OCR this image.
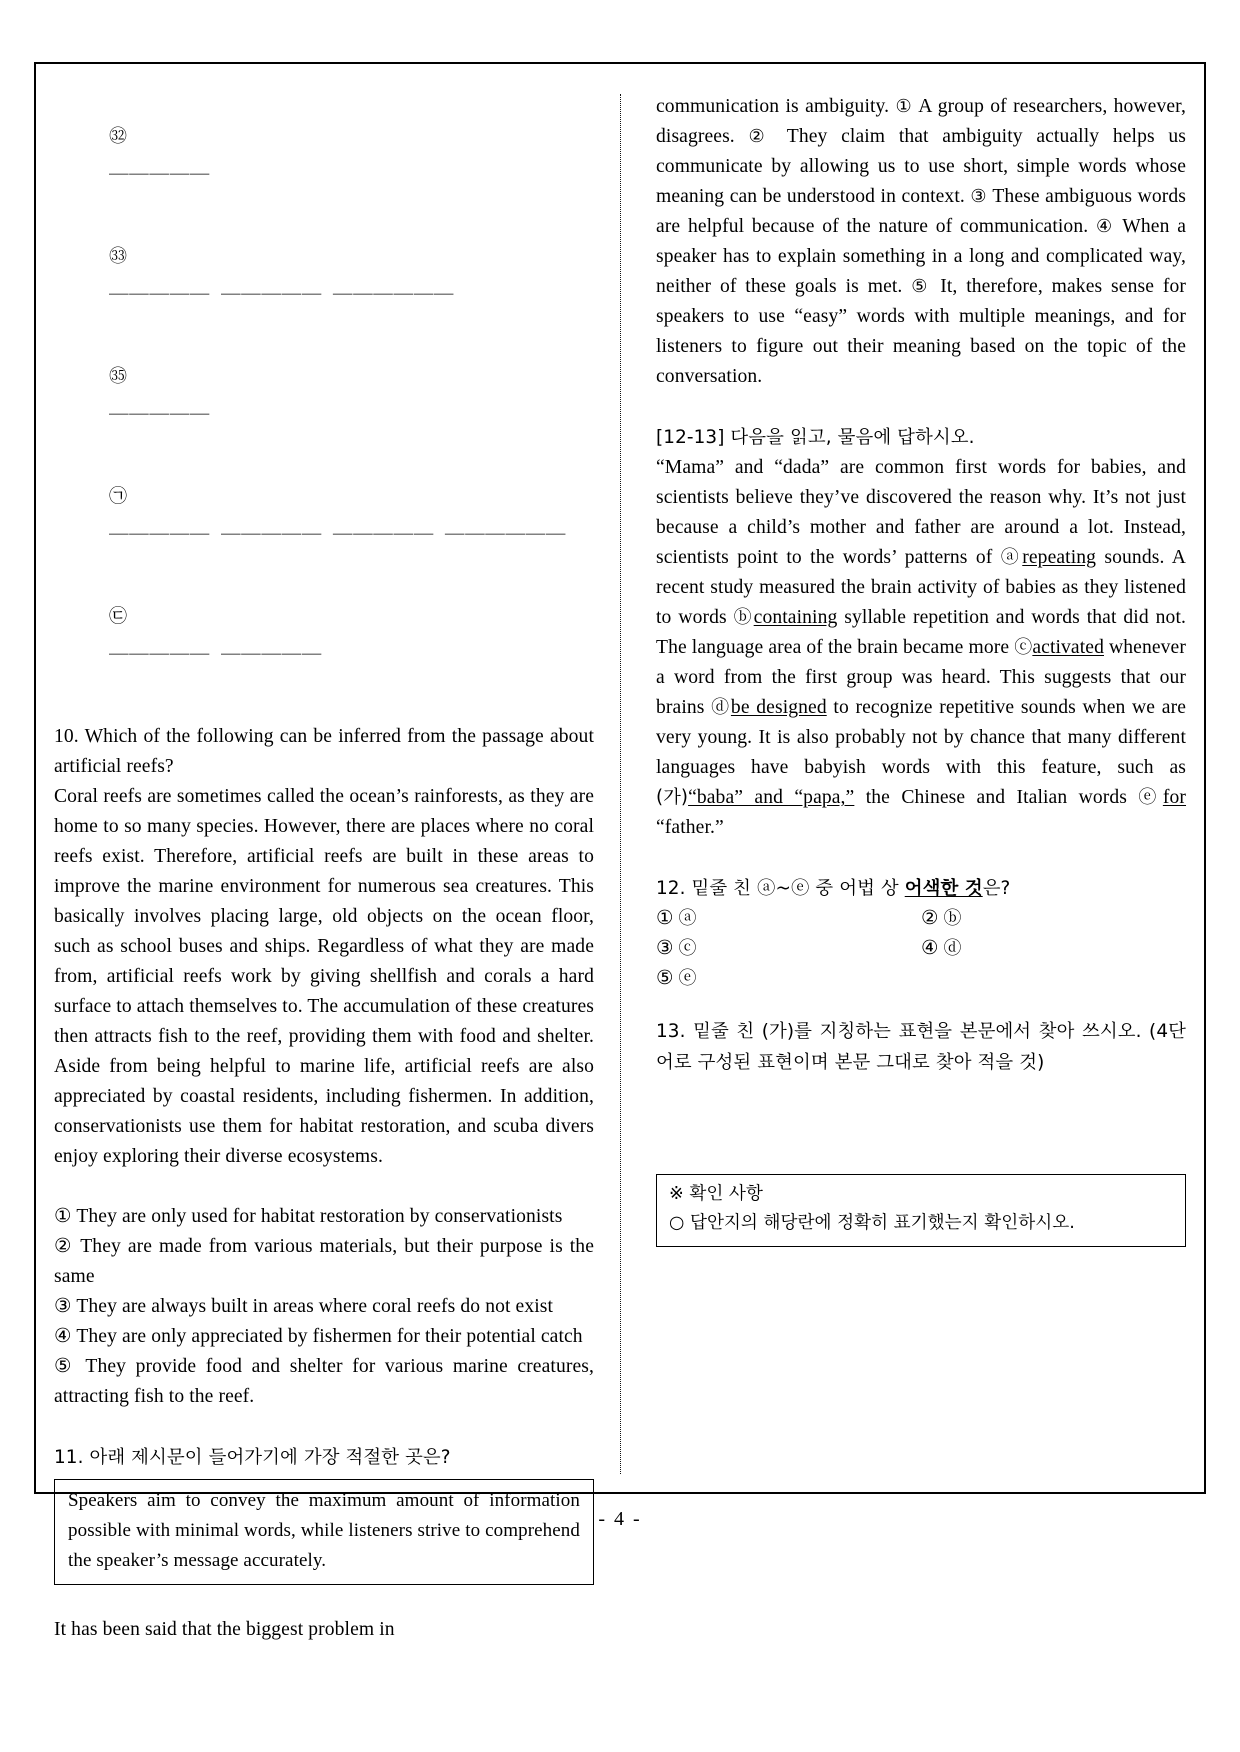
㉜
＿＿＿＿＿

㉝
＿＿＿＿＿  ＿＿＿＿＿  ＿＿＿＿＿＿

㉟
＿＿＿＿＿

㉠
＿＿＿＿＿  ＿＿＿＿＿  ＿＿＿＿＿  ＿＿＿＿＿＿

㉢
＿＿＿＿＿  ＿＿＿＿＿

10. Which of the following can be inferred from the passage about artificial reefs?

Coral reefs are sometimes called the ocean’s rainforests, as they are home to so many species. However, there are places where no coral reefs exist. Therefore, artificial reefs are built in these areas to improve the marine environment for numerous sea creatures. This basically involves placing large, old objects on the ocean floor, such as school buses and ships. Regardless of what they are made from, artificial reefs work by giving shellfish and corals a hard surface to attach themselves to. The accumulation of these creatures then attracts fish to the reef, providing them with food and shelter. Aside from being helpful to marine life, artificial reefs are also appreciated by coastal residents, including fishermen. In addition, conservationists use them for habitat restoration, and scuba divers enjoy exploring their diverse ecosystems.

① They are only used for habitat restoration by conservationists

② They are made from various materials, but their purpose is the same

③ They are always built in areas where coral reefs do not exist

④ They are only appreciated by fishermen for their potential catch

⑤ They provide food and shelter for various marine creatures, attracting fish to the reef.

11. 아래 제시문이 들어가기에 가장 적절한 곳은?

Speakers aim to convey the maximum amount of information possible with minimal words, while listeners strive to comprehend the speaker’s message accurately.

It has been said that the biggest problem in

communication is ambiguity. ① A group of researchers, however, disagrees. ② They claim that ambiguity actually helps us communicate by allowing us to use short, simple words whose meaning can be understood in context. ③ These ambiguous words are helpful because of the nature of communication. ④ When a speaker has to explain something in a long and complicated way, neither of these goals is met. ⑤ It, therefore, makes sense for speakers to use “easy” words with multiple meanings, and for listeners to figure out their meaning based on the topic of the conversation.

[12-13] 다음을 읽고, 물음에 답하시오.

“Mama” and “dada” are common first words for babies, and scientists believe they’ve discovered the reason why. It’s not just because a child’s mother and father are around a lot. Instead, scientists point to the words’ patterns of ⓐrepeating sounds. A recent study measured the brain activity of babies as they listened to words ⓑcontaining syllable repetition and words that did not. The language area of the brain became more ⓒactivated whenever a word from the first group was heard. This suggests that our brains ⓓbe designed to recognize repetitive sounds when we are very young. It is also probably not by chance that many different languages have babyish words with this feature, such as (가)“baba” and “papa,” the Chinese and Italian words ⓔfor “father.”

12. 밑줄 친 ⓐ~ⓔ 중 어법 상 어색한 것은?

① ⓐ	② ⓑ
③ ⓒ	④ ⓓ
⑤ ⓔ

13. 밑줄 친 (가)를 지칭하는 표현을 본문에서 찾아 쓰시오. (4단어로 구성된 표현이며 본문 그대로 찾아 적을 것)

※ 확인 사항
○ 답안지의 해당란에 정확히 표기했는지 확인하시오.
- 4 -
